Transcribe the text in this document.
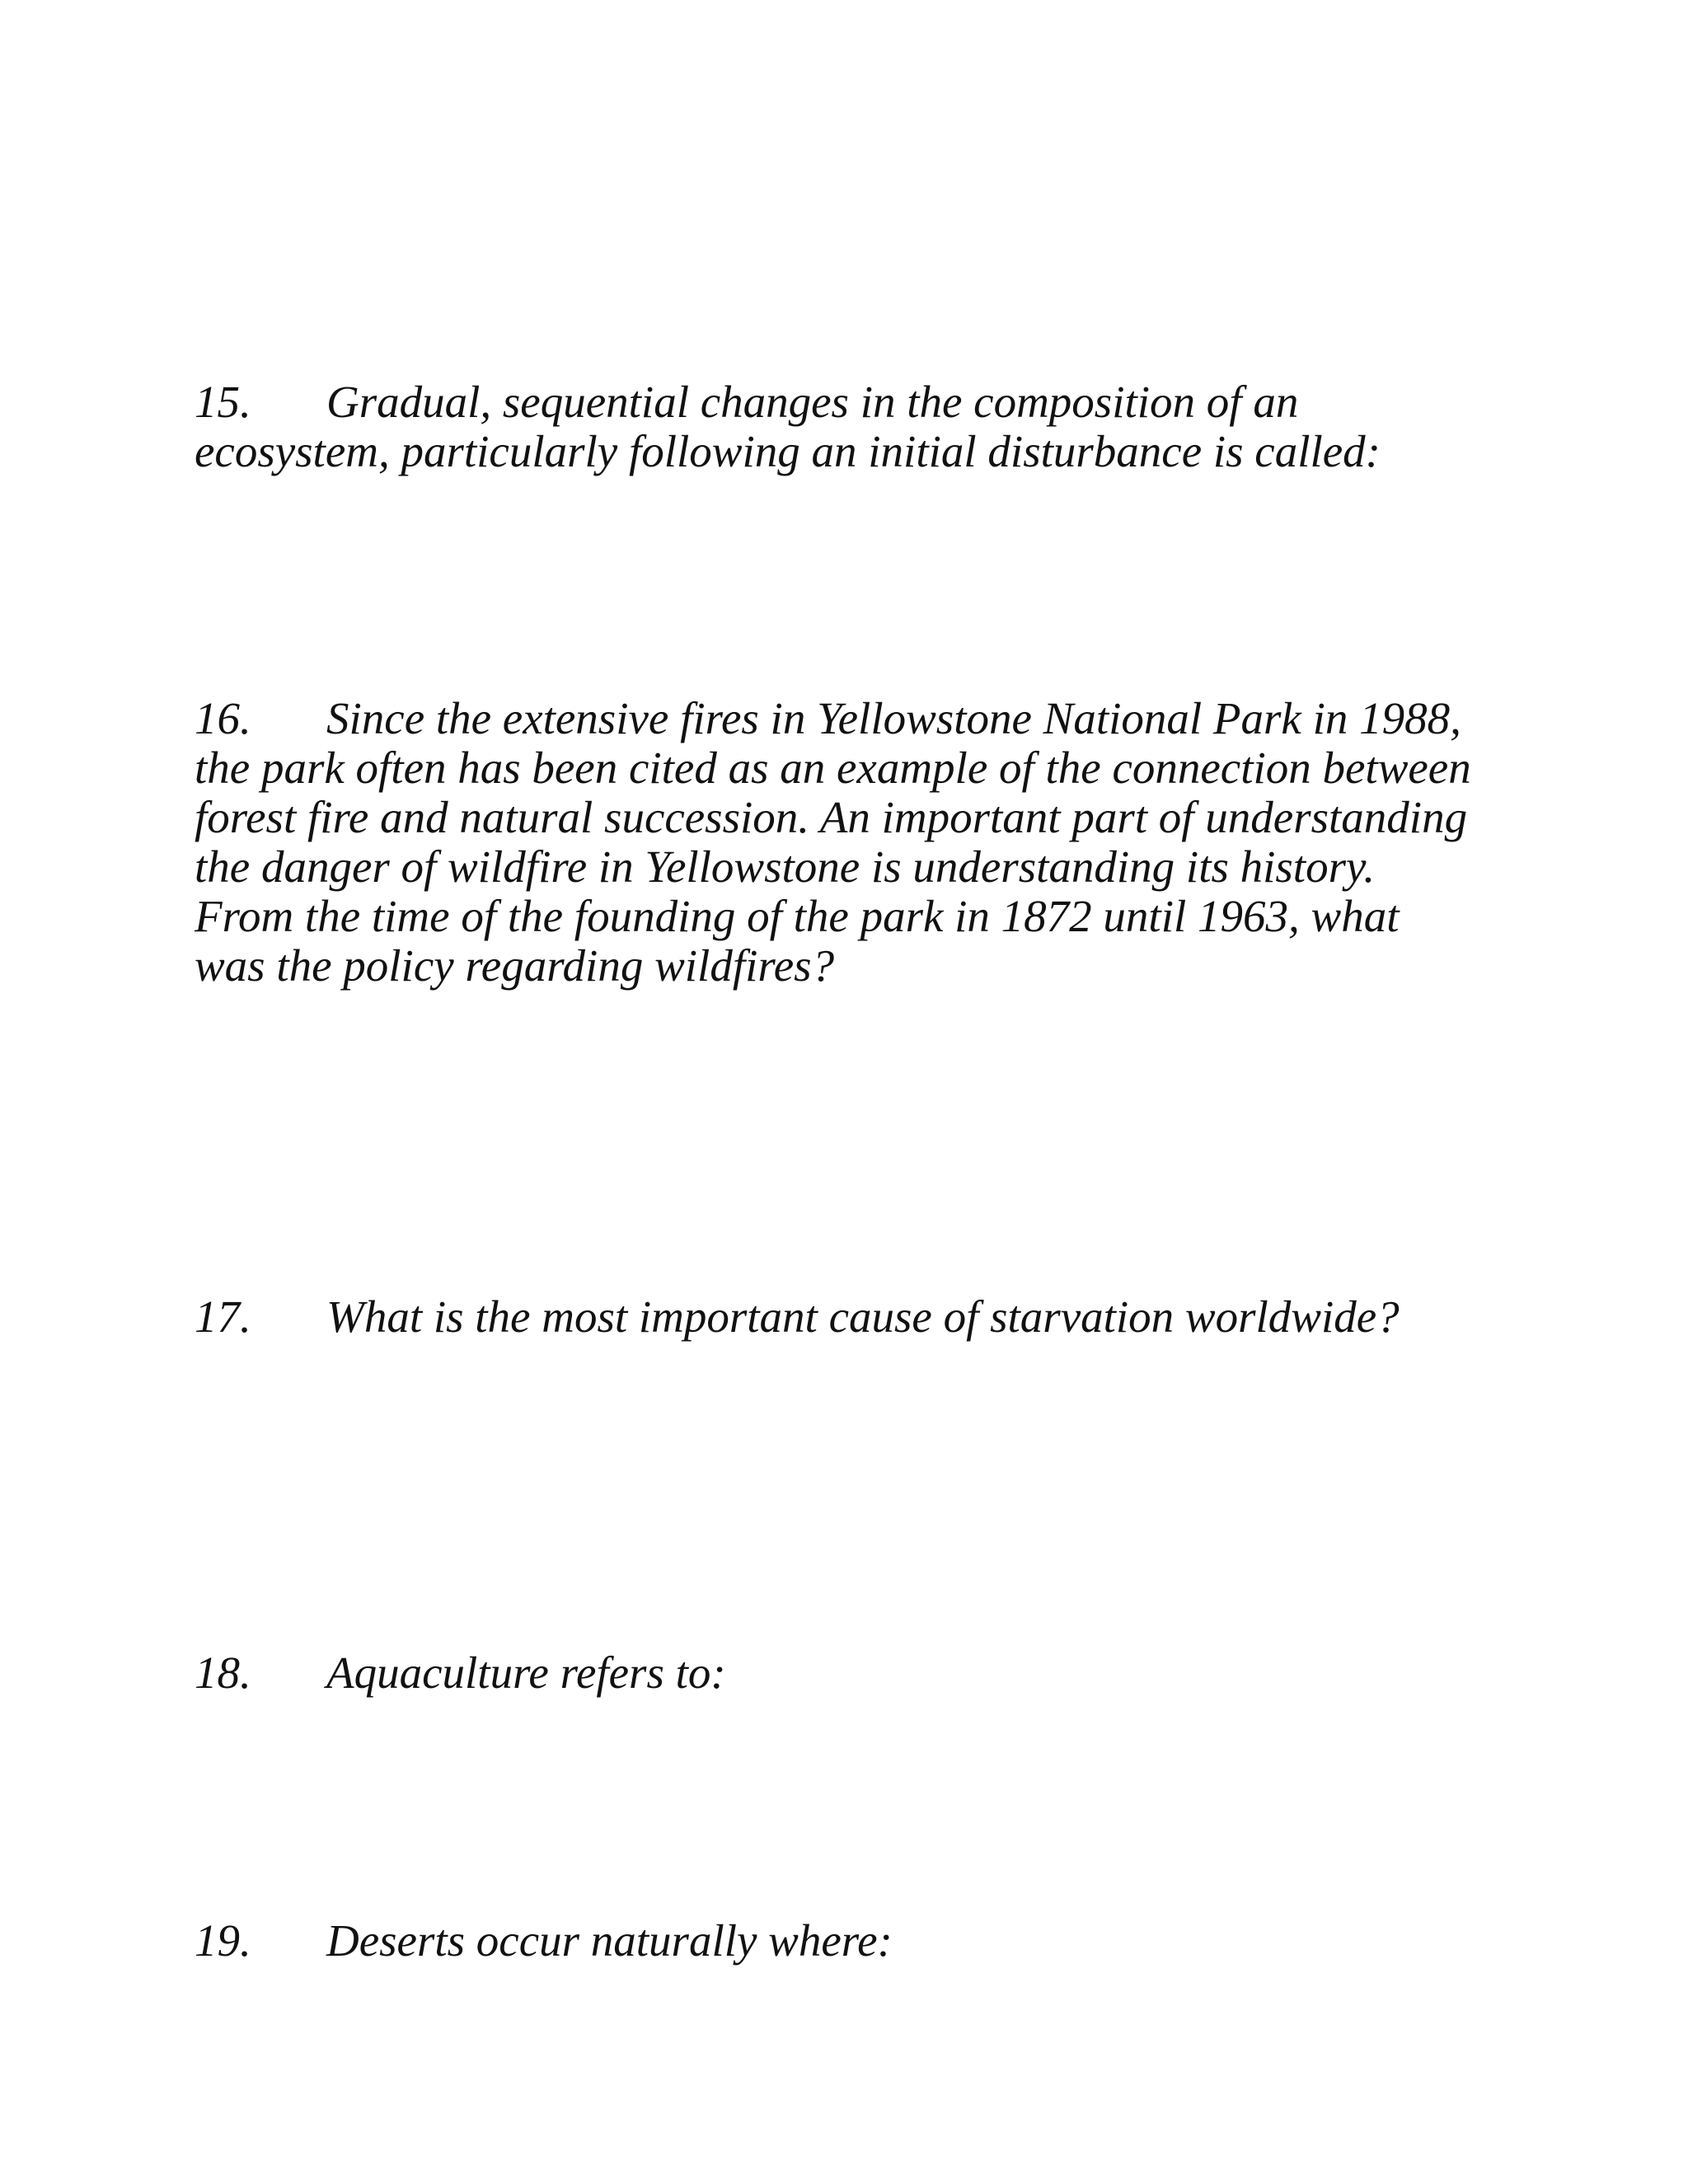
15. Gradual, sequential changes in the composition of an ecosystem, particularly following an initial disturbance is called:
16. Since the extensive fires in Yellowstone National Park in 1988, the park often has been cited as an example of the connection between forest fire and natural succession. An important part of understanding the danger of wildfire in Yellowstone is understanding its history. From the time of the founding of the park in 1872 until 1963, what was the policy regarding wildfires?
17. What is the most important cause of starvation worldwide?
18. Aquaculture refers to:
19. Deserts occur naturally where:
